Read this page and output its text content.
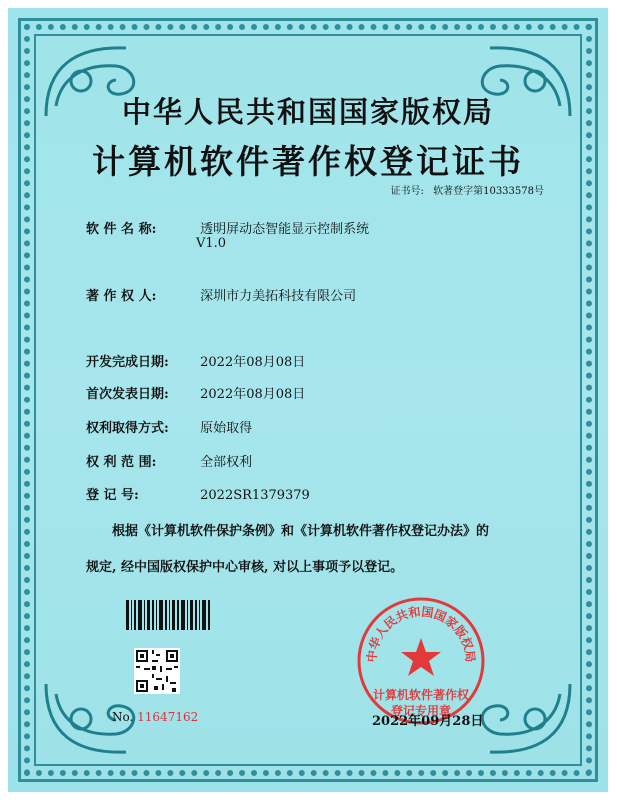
中华人民共和国国家版权局
计算机软件著作权登记证书
证书号: 软著登字第10333578号
软 件 名 称:	透明屏动态智能显示控制系统
V1.0
著 作 权 人:	深圳市力美拓科技有限公司
开发完成日期: 2022年08月08日
首次发表日期: 2022年08月08日
权利取得方式: 原始取得
权 利 范 围:	全部权利
登 记 号:	2022SR1379379
根据《计算机软件保护条例》和《计算机软件著作权登记办法》的
规定, 经中国版权保护中心审核, 对以上事项予以登记。
No. 11647162
中华人民共和国国家版权局
计算机软件著作权
登记专用章
2022年09月28日
